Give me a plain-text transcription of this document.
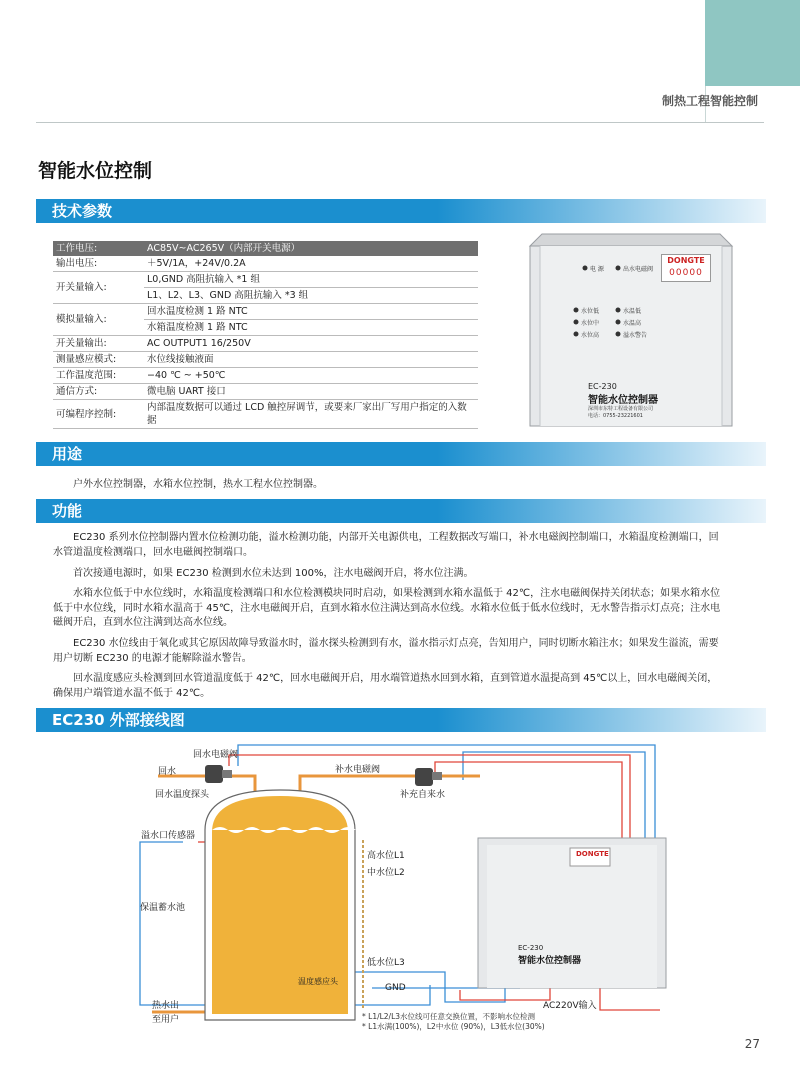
制热工程智能控制
智能水位控制
技术参数
工作电压:	AC85V~AC265V（内部开关电源）
输出电压:	＋5V/1A，+24V/0.2A
开关量输入:	L0,GND 高阻抗输入 *1 组
	L1、L2、L3、GND 高阻抗输入 *3 组
模拟量输入:	回水温度检测 1 路 NTC
	水箱温度检测 1 路 NTC
开关量输出:	AC OUTPUT1 16/250V
测量感应模式:	水位线接触液面
工作温度范围:	−40 ℃ ~ +50℃
通信方式:	微电脑 UART 接口
可编程序控制:	内部温度数据可以通过 LCD 触控屏调节，或要来厂家出厂写用户指定的入数据
DONGTE
00000
电 源	出水电磁阀
水位低
水位中
水位高
水温低
水温高
溢水警告
EC-230
智能水位控制器
深圳市东特工程设备有限公司
电话：0755-23221601
用途

户外水位控制器，水箱水位控制，热水工程水位控制器。

功能

EC230 系列水位控制器内置水位检测功能，溢水检测功能，内部开关电源供电，工程数据改写端口，补水电磁阀控制端口，水箱温度检测端口，回水管道温度检测端口，回水电磁阀控制端口。

首次接通电源时，如果 EC230 检测到水位未达到 100%，注水电磁阀开启，将水位注满。

水箱水位低于中水位线时，水箱温度检测端口和水位检测模块同时启动，如果检测到水箱水温低于 42℃，注水电磁阀保持关闭状态；如果水箱水位低于中水位线，同时水箱水温高于 45℃，注水电磁阀开启，直到水箱水位注满达到高水位线。水箱水位低于低水位线时，无水警告指示灯点亮；注水电磁阀开启，直到水位注满到达高水位线。

EC230 水位线由于氧化或其它原因故障导致溢水时，溢水探头检测到有水，溢水指示灯点亮，告知用户，同时切断水箱注水；如果发生溢流，需要用户切断 EC230 的电源才能解除溢水警告。

回水温度感应头检测到回水管道温度低于 42℃，回水电磁阀开启，用水端管道热水回到水箱，直到管道水温提高到 45℃以上，回水电磁阀关闭，确保用户端管道水温不低于 42℃。

EC230 外部接线图
回水电磁阀
回水
回水温度探头
补水电磁阀
补充自来水
溢水口传感器
保温蓄水池
高水位L1
中水位L2
低水位L3
温度感应头
GND
热水出
至用户
AC220V输入
* L1/L2/L3水位线可任意交换位置，不影响水位检测
* L1水满(100%)，L2中水位 (90%)，L3低水位(30%)
DONGTE
EC-230
智能水位控制器
27
